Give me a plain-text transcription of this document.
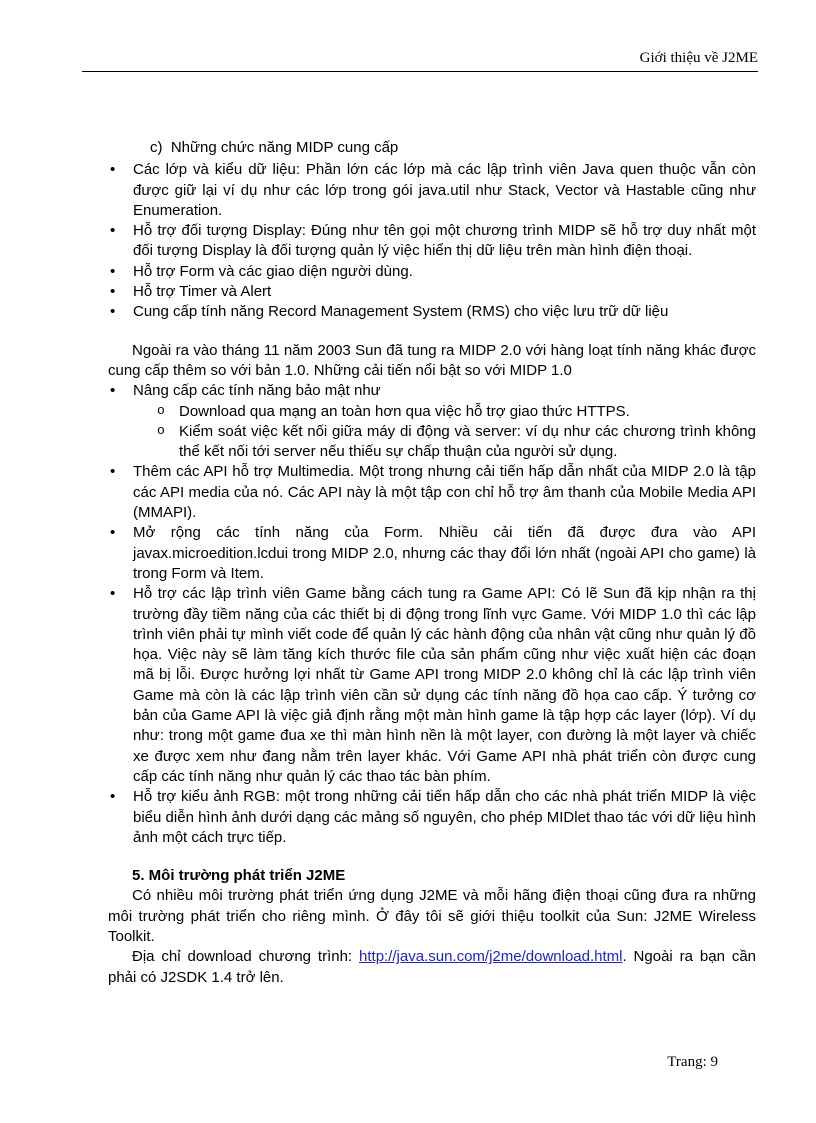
Giới thiệu về J2ME

c) Những chức năng MIDP cung cấp

• Các lớp và kiểu dữ liệu: Phần lớn các lớp mà các lập trình viên Java quen thuộc vẫn còn được giữ lại ví dụ như các lớp trong gói java.util như Stack, Vector và Hastable cũng như Enumeration.
• Hỗ trợ đối tượng Display: Đúng như tên gọi một chương trình MIDP sẽ hỗ trợ duy nhất một đối tượng Display là đối tượng quản lý việc hiển thị dữ liệu trên màn hình điện thoại.
• Hỗ trợ Form và các giao diện người dùng.
• Hỗ trợ Timer và Alert
• Cung cấp tính năng Record Management System (RMS) cho việc lưu trữ dữ liệu

Ngoài ra vào tháng 11 năm 2003 Sun đã tung ra MIDP 2.0 với hàng loạt tính năng khác được cung cấp thêm so với bản 1.0. Những cải tiến nổi bật so với MIDP 1.0

• Nâng cấp các tính năng bảo mật như
o Download qua mạng an toàn hơn qua việc hỗ trợ giao thức HTTPS.
o Kiểm soát việc kết nối giữa máy di động và server: ví dụ như các chương trình không thể kết nối tới server nếu thiếu sự chấp thuận của người sử dụng.
• Thêm các API hỗ trợ Multimedia. Một trong nhưng cải tiến hấp dẫn nhất của MIDP 2.0 là tập các API media của nó. Các API này là một tập con chỉ hỗ trợ âm thanh của Mobile Media API (MMAPI).
• Mở rộng các tính năng của Form. Nhiều cải tiến đã được đưa vào API javax.microedition.lcdui trong MIDP 2.0, nhưng các thay đổi lớn nhất (ngoài API cho game) là trong Form và Item.
• Hỗ trợ các lập trình viên Game bằng cách tung ra Game API: Có lẽ Sun đã kịp nhận ra thị trường đầy tiềm năng của các thiết bị di động trong lĩnh vực Game. Với MIDP 1.0 thì các lập trình viên phải tự mình viết code để quản lý các hành động của nhân vật cũng như quản lý đồ họa. Việc này sẽ làm tăng kích thước file của sản phẩm cũng như việc xuất hiện các đoạn mã bị lỗi. Được hưởng lợi nhất từ Game API trong MIDP 2.0 không chỉ là các lập trình viên Game mà còn là các lập trình viên cần sử dụng các tính năng đồ họa cao cấp. Ý tưởng cơ bản của Game API là việc giả định rằng một màn hình game là tập hợp các layer (lớp). Ví dụ như: trong một game đua xe thì màn hình nền là một layer, con đường là một layer và chiếc xe được xem như đang nằm trên layer khác. Với Game API nhà phát triển còn được cung cấp các tính năng như quản lý các thao tác bàn phím.
• Hỗ trợ kiểu ảnh RGB: một trong những cải tiến hấp dẫn cho các nhà phát triển MIDP là việc biểu diễn hình ảnh dưới dạng các mảng số nguyên, cho phép MIDlet thao tác với dữ liệu hình ảnh một cách trực tiếp.

5. Môi trường phát triển J2ME

Có nhiều môi trường phát triển ứng dụng J2ME và mỗi hãng điện thoại cũng đưa ra những môi trường phát triển cho riêng mình. Ở đây tôi sẽ giới thiệu toolkit của Sun: J2ME Wireless Toolkit.

Địa chỉ download chương trình: http://java.sun.com/j2me/download.html. Ngoài ra bạn cần phải có J2SDK 1.4 trở lên.

Trang: 9
